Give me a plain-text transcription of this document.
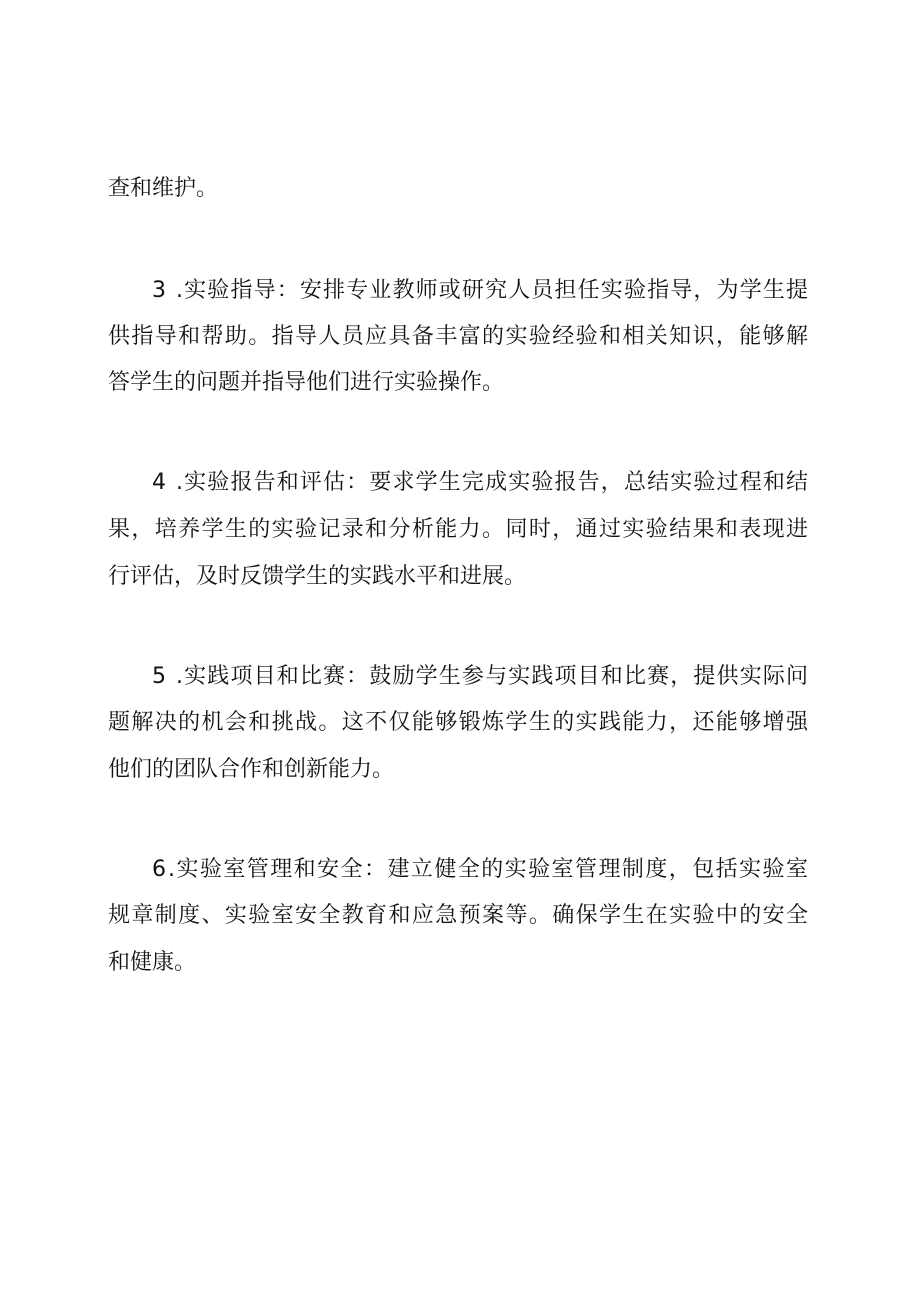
查和维护。
3 .实验指导：安排专业教师或研究人员担任实验指导，为学生提
供指导和帮助。指导人员应具备丰富的实验经验和相关知识，能够解
答学生的问题并指导他们进行实验操作。
4 .实验报告和评估：要求学生完成实验报告，总结实验过程和结
果，培养学生的实验记录和分析能力。同时，通过实验结果和表现进
行评估，及时反馈学生的实践水平和进展。
5 .实践项目和比赛：鼓励学生参与实践项目和比赛，提供实际问
题解决的机会和挑战。这不仅能够锻炼学生的实践能力，还能够增强
他们的团队合作和创新能力。
6.实验室管理和安全：建立健全的实验室管理制度，包括实验室
规章制度、实验室安全教育和应急预案等。确保学生在实验中的安全
和健康。
